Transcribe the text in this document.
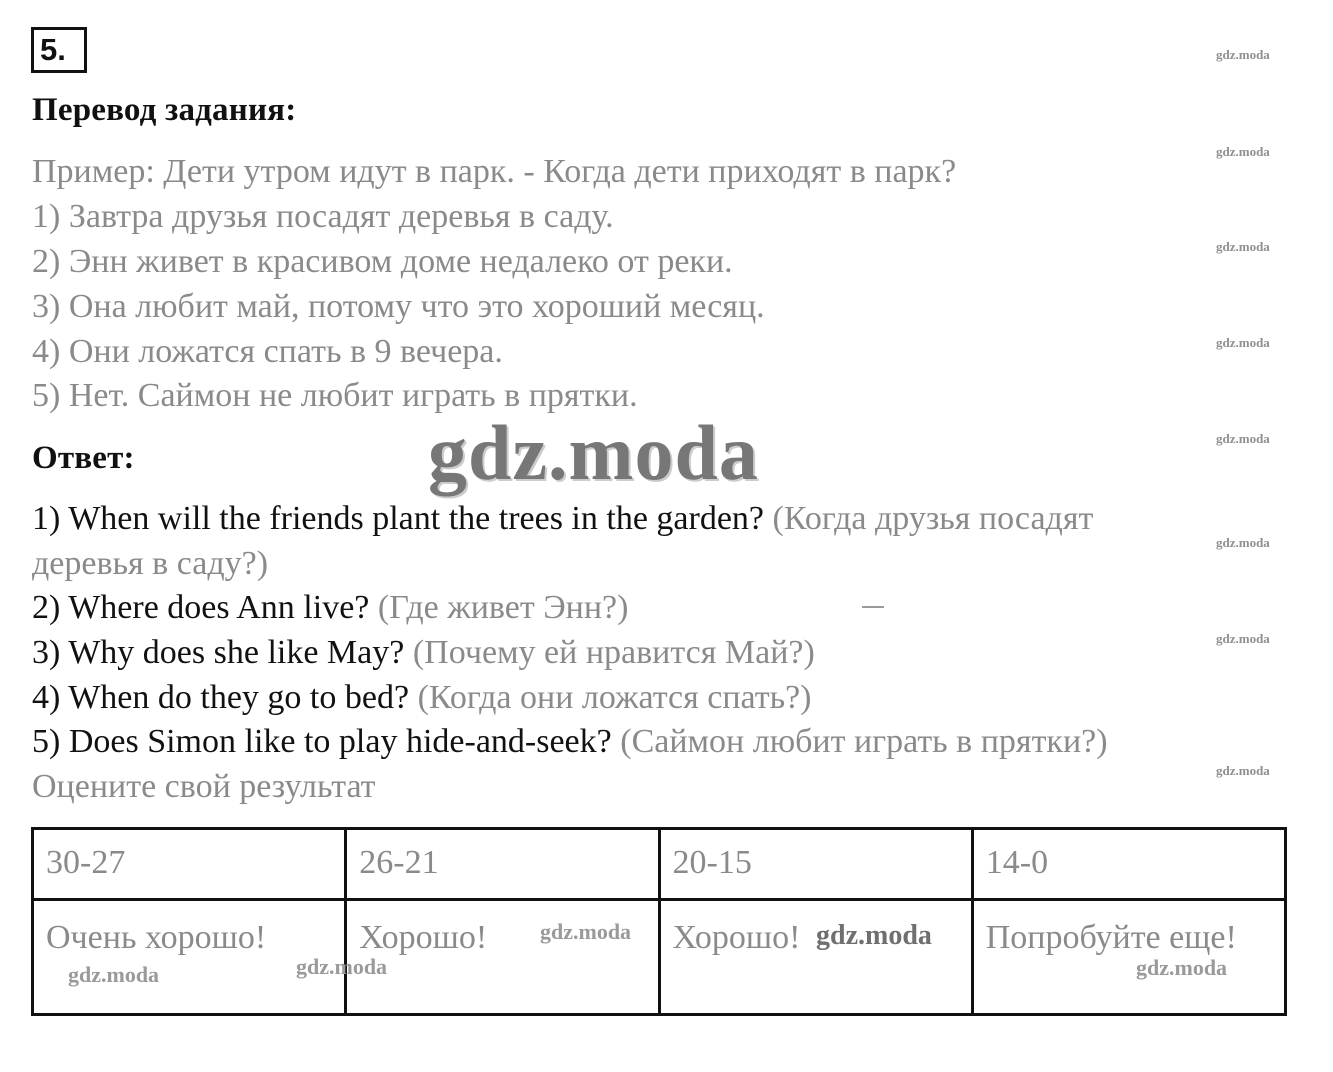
5.
Перевод задания:
Пример: Дети утром идут в парк. - Когда дети приходят в парк?
1) Завтра друзья посадят деревья в саду.
2) Энн живет в красивом доме недалеко от реки.
3) Она любит май, потому что это хороший месяц.
4) Они ложатся спать в 9 вечера.
5) Нет. Саймон не любит играть в прятки.
Ответ:
1) When will the friends plant the trees in the garden? (Когда друзья посадят
деревья в саду?)
2) Where does Ann live? (Где живет Энн?)
3) Why does she like May? (Почему ей нравится Май?)
4) When do they go to bed? (Когда они ложатся спать?)
5) Does Simon like to play hide-and-seek? (Саймон любит играть в прятки?)
Оцените свой результат
30-27	26-21	20-15	14-0
Очень хорошо!	Хорошо!	Хорошо!	Попробуйте еще!
gdz.moda
gdz.moda
gdz.moda
gdz.moda
gdz.moda
gdz.moda
gdz.moda
gdz.moda
gdz.moda
gdz.moda	gdz.moda
gdz.moda	gdz.moda
gdz.moda
